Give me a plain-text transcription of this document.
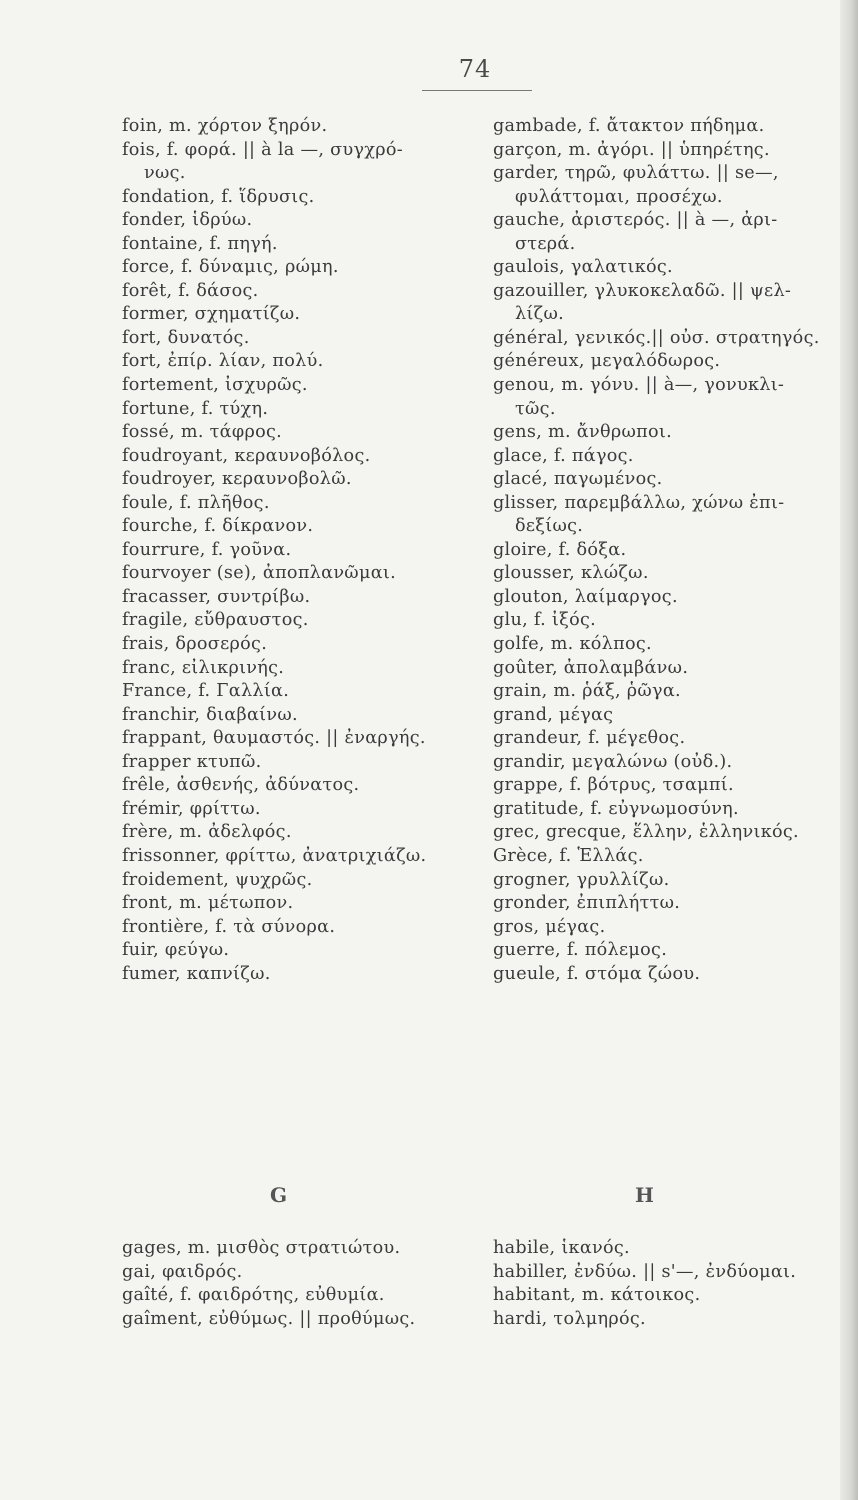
74
foin, m. χόρτον ξηρόν.
fois, f. φορά. || à la —, συγχρό-
νως.
fondation, f. ἵδρυσις.
fonder, ἱδρύω.
fontaine, f. πηγή.
force, f. δύναμις, ρώμη.
forêt, f. δάσος.
former, σχηματίζω.
fort, δυνατός.
fort, ἐπίρ. λίαν, πολύ.
fortement, ἰσχυρῶς.
fortune, f. τύχη.
fossé, m. τάφρος.
foudroyant, κεραυνοβόλος.
foudroyer, κεραυνοβολῶ.
foule, f. πλῆθος.
fourche, f. δίκρανον.
fourrure, f. γοῦνα.
fourvoyer (se), ἀποπλανῶμαι.
fracasser, συντρίβω.
fragile, εὔθραυστος.
frais, δροσερός.
franc, εἰλικρινής.
France, f. Γαλλία.
franchir, διαβαίνω.
frappant, θαυμαστός. || ἐναργής.
frapper κτυπῶ.
frêle, ἀσθενής, ἀδύνατος.
frémir, φρίττω.
frère, m. ἀδελφός.
frissonner, φρίττω, ἀνατριχιάζω.
froidement, ψυχρῶς.
front, m. μέτωπον.
frontière, f. τὰ σύνορα.
fuir, φεύγω.
fumer, καπνίζω.
gambade, f. ἄτακτον πήδημα.
garçon, m. ἀγόρι. || ὑπηρέτης.
garder, τηρῶ, φυλάττω. || se—,
φυλάττομαι, προσέχω.
gauche, ἀριστερός. || à —, ἀρι-
στερά.
gaulois, γαλατικός.
gazouiller, γλυκοκελαδῶ. || ψελ-
λίζω.
général, γενικός.|| οὐσ. στρατηγός.
généreux, μεγαλόδωρος.
genou, m. γόνυ. || à—, γονυκλι-
τῶς.
gens, m. ἄνθρωποι.
glace, f. πάγος.
glacé, παγωμένος.
glisser, παρεμβάλλω, χώνω ἐπι-
δεξίως.
gloire, f. δόξα.
glousser, κλώζω.
glouton, λαίμαργος.
glu, f. ἰξός.
golfe, m. κόλπος.
goûter, ἀπολαμβάνω.
grain, m. ῥάξ, ῥῶγα.
grand, μέγας
grandeur, f. μέγεθος.
grandir, μεγαλώνω (οὐδ.).
grappe, f. βότρυς, τσαμπί.
gratitude, f. εὐγνωμοσύνη.
grec, grecque, ἕλλην, ἑλληνικός.
Grèce, f. Ἑλλάς.
grogner, γρυλλίζω.
gronder, ἐπιπλήττω.
gros, μέγας.
guerre, f. πόλεμος.
gueule, f. στόμα ζώου.
G	H
gages, m. μισθὸς στρατιώτου.
gai, φαιδρός.
gaîté, f. φαιδρότης, εὐθυμία.
gaîment, εὐθύμως. || προθύμως.
habile, ἱκανός.
habiller, ἐνδύω. || s'—, ἐνδύομαι.
habitant, m. κάτοικος.
hardi, τολμηρός.
